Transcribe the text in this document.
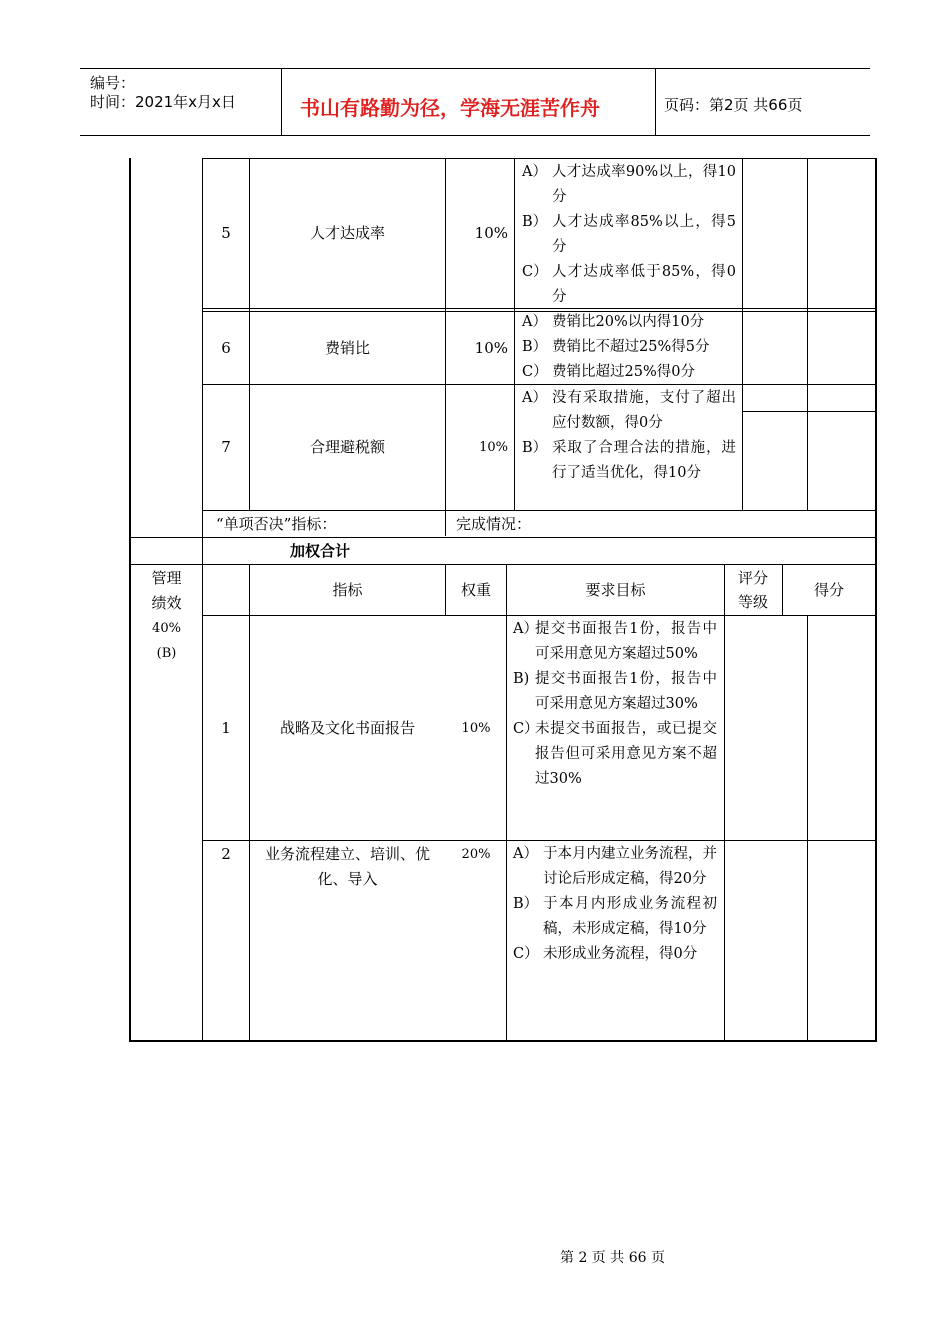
编号：
时间：2021年x月x日	书山有路勤为径，学海无涯苦作舟	页码：第2页 共66页
5	人才达成率	10%
A） 人才达成率90%以上，得10分
B） 人才达成率85%以上，得5分
C） 人才达成率低于85%，得0分
6	费销比	10%
A） 费销比20%以内得10分
B） 费销比不超过25%得5分
C） 费销比超过25%得0分
7	合理避税额	10%
A） 没有采取措施，支付了超出应付数额，得0分
B） 采取了合理合法的措施，进行了适当优化，得10分
“单项否决”指标：	完成情况：
加权合计
管理
绩效
40%
(B)
指标	权重	要求目标
评分等级
得分
1	战略及文化书面报告	10%
A）
提交书面报告1份，报告中可采用意见方案超过50%
B) 提交书面报告1份，报告中可采用意见方案超过30%
C）
未提交书面报告，或已提交报告但可采用意见方案不超过30%
2	业务流程建立、培训、优化、导入
20%	A） 于本月内建立业务流程，并讨论后形成定稿，得20分
B） 于本月内形成业务流程初稿，未形成定稿，得10分
C） 未形成业务流程，得0分
第 2 页 共 66 页
